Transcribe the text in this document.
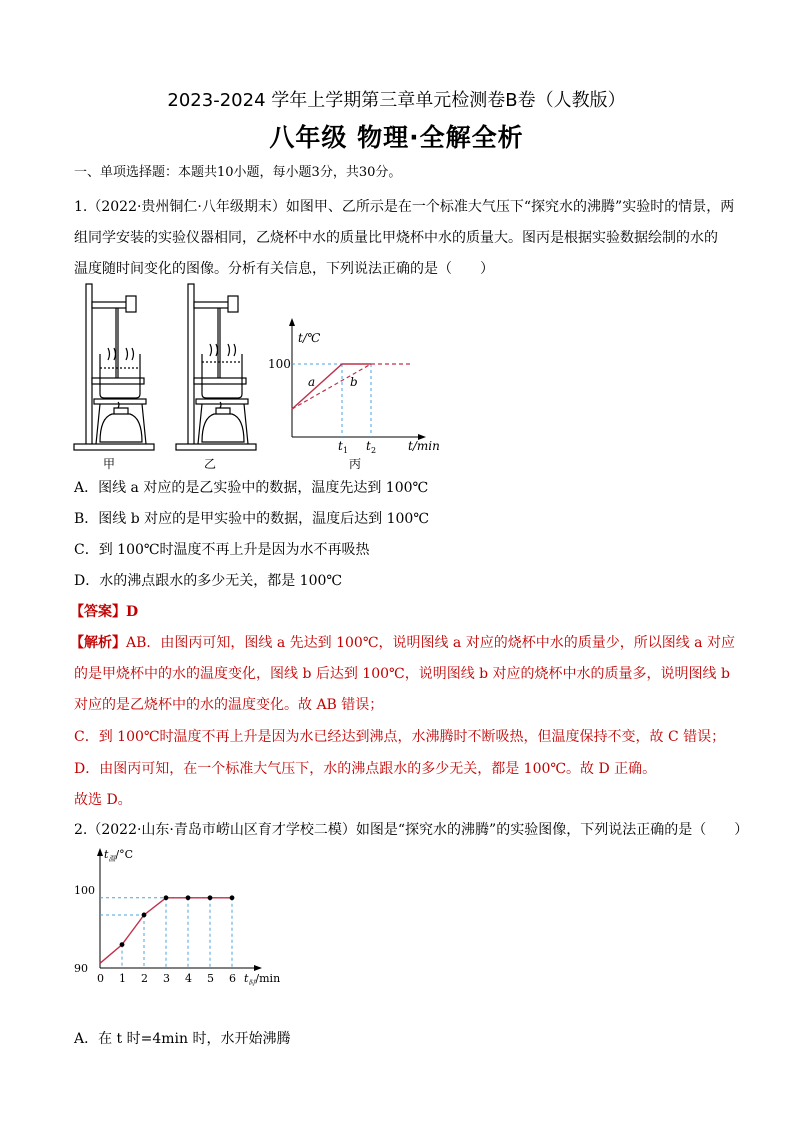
2023-2024 学年上学期第三章单元检测卷B卷（人教版）
八年级 物理·全解全析
一、单项选择题：本题共10小题，每小题3分，共30分。
1.（2022·贵州铜仁·八年级期末）如图甲、乙所示是在一个标准大气压下“探究水的沸腾”实验时的情景，两
组同学安装的实验仪器相同，乙烧杯中水的质量比甲烧杯中水的质量大。图丙是根据实验数据绘制的水的
温度随时间变化的图像。分析有关信息，下列说法正确的是（　　）
t/℃
100
a	b
t 1 t 2	t/min
甲	乙	丙
A．图线 a 对应的是乙实验中的数据，温度先达到 100℃
B．图线 b 对应的是甲实验中的数据，温度后达到 100℃
C．到 100℃时温度不再上升是因为水不再吸热
D．水的沸点跟水的多少无关，都是 100℃
【答案】D
【解析】AB．由图丙可知，图线 a 先达到 100℃，说明图线 a 对应的烧杯中水的质量少，所以图线 a 对应
的是甲烧杯中的水的温度变化，图线 b 后达到 100℃，说明图线 b 对应的烧杯中水的质量多，说明图线 b
对应的是乙烧杯中的水的温度变化。故 AB 错误；
C．到 100℃时温度不再上升是因为水已经达到沸点，水沸腾时不断吸热，但温度保持不变，故 C 错误；
D．由图丙可知，在一个标准大气压下，水的沸点跟水的多少无关，都是 100℃。故 D 正确。
故选 D。
2.（2022·山东·青岛市崂山区育才学校二模）如图是“探究水的沸腾”的实验图像，下列说法正确的是（　　）
0 1 2 3 4 5 6
100
90
$t_温/^\circ C$
$t_时/\min$
A．在 t 时=4min 时，水开始沸腾
